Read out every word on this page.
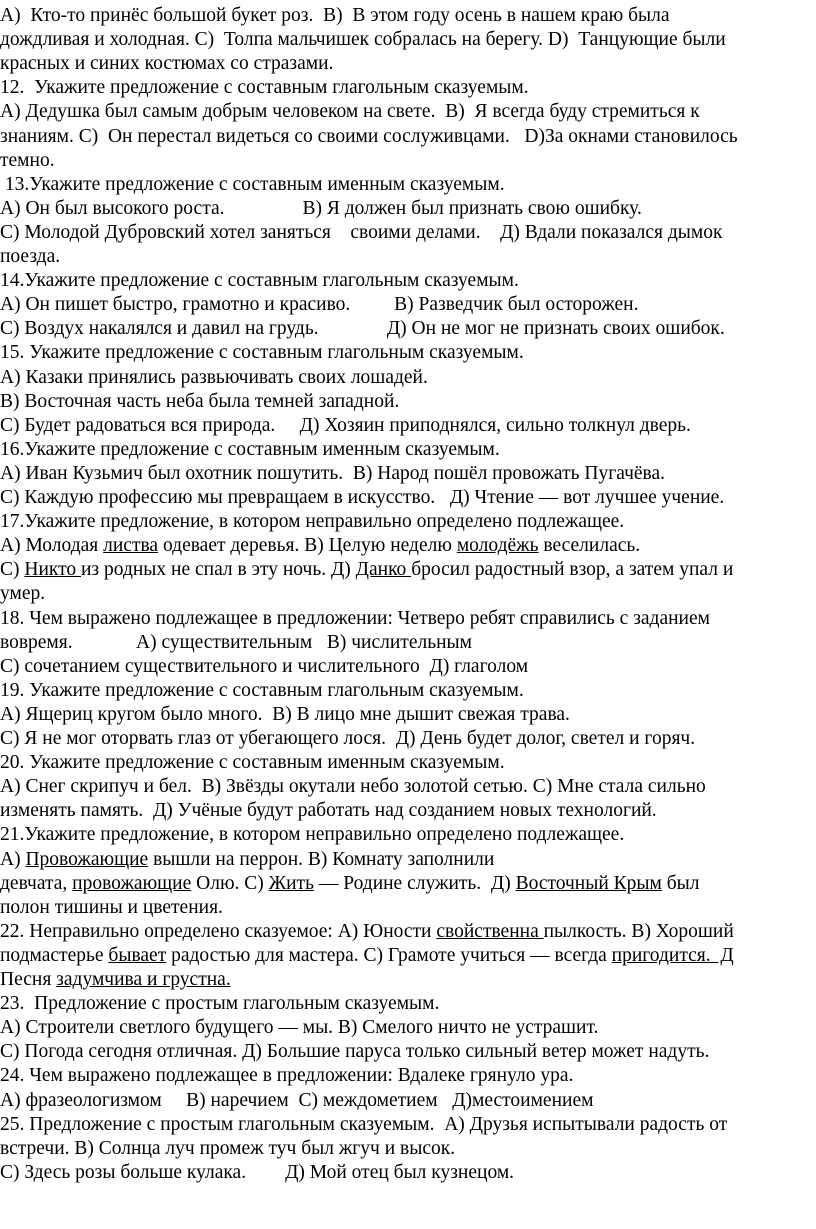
А)  Кто-то принёс большой букет роз.  В)  В этом году осень в нашем краю была
дождливая и холодная. С)  Толпа мальчишек собралась на берегу. D)  Танцующие были
красных и синих костюмах со стразами.
12.  Укажите предложение с составным глагольным сказуемым.
А) Дедушка был самым добрым человеком на свете.  В)  Я всегда буду стремиться к
знаниям. С)  Он перестал видеться со своими сослуживцами.   D)За окнами становилось
темно.
13.Укажите предложение с составным именным сказуемым.
А) Он был высокого роста.                В) Я должен был признать свою ошибку.
С) Молодой Дубровский хотел заняться    своими делами.    Д) Вдали показался дымок
поезда.
14.Укажите предложение с составным глагольным сказуемым.
А) Он пишет быстро, грамотно и красиво.         В) Разведчик был осторожен.
С) Воздух накалялся и давил на грудь.              Д) Он не мог не признать своих ошибок.
15. Укажите предложение с составным глагольным сказуемым.
А) Казаки принялись развьючивать своих лошадей.
В) Восточная часть неба была темней западной.
С) Будет радоваться вся природа.     Д) Хозяин приподнялся, сильно толкнул дверь.
16.Укажите предложение с составным именным сказуемым.
А) Иван Кузьмич был охотник пошутить.  В) Народ пошёл провожать Пугачёва.
С) Каждую профессию мы превращаем в искусство.   Д) Чтение — вот лучшее учение.
17.Укажите предложение, в котором неправильно определено подлежащее.
А) Молодая листва одевает деревья. В) Целую неделю молодёжь веселилась.
С) Никто из родных не спал в эту ночь. Д) Данко бросил радостный взор, а затем упал и
умер.
18. Чем выражено подлежащее в предложении: Четверо ребят справились с заданием
вовремя.             А) существительным   В) числительным
С) сочетанием существительного и числительного  Д) глаголом
19. Укажите предложение с составным глагольным сказуемым.
А) Ящериц кругом было много.  В) В лицо мне дышит свежая трава.
С) Я не мог оторвать глаз от убегающего лося.  Д) День будет долог, светел и горяч.
20. Укажите предложение с составным именным сказуемым.
А) Снег скрипуч и бел.  В) Звёзды окутали небо золотой сетью. С) Мне стала сильно
изменять память.  Д) Учёные будут работать над созданием новых технологий.
21.Укажите предложение, в котором неправильно определено подлежащее.
А) Провожающие вышли на перрон. В) Комнату заполнили
девчата, провожающие Олю. С) Жить — Родине служить.  Д) Восточный Крым был
полон тишины и цветения.
22. Неправильно определено сказуемое: А) Юности свойственна пылкость. В) Хороший
подмастерье бывает радостью для мастера. С) Грамоте учиться — всегда пригодится.  Д
Песня задумчива и грустна.
23.  Предложение с простым глагольным сказуемым.
А) Строители светлого будущего — мы. В) Смелого ничто не устрашит.
С) Погода сегодня отличная. Д) Большие паруса только сильный ветер может надуть.
24. Чем выражено подлежащее в предложении: Вдалеке грянуло ура.
А) фразеологизмом     В) наречием  С) междометием   Д)местоимением
25. Предложение с простым глагольным сказуемым.  А) Друзья испытывали радость от
встречи. В) Солнца луч промеж туч был жгуч и высок.
С) Здесь розы больше кулака.        Д) Мой отец был кузнецом.
